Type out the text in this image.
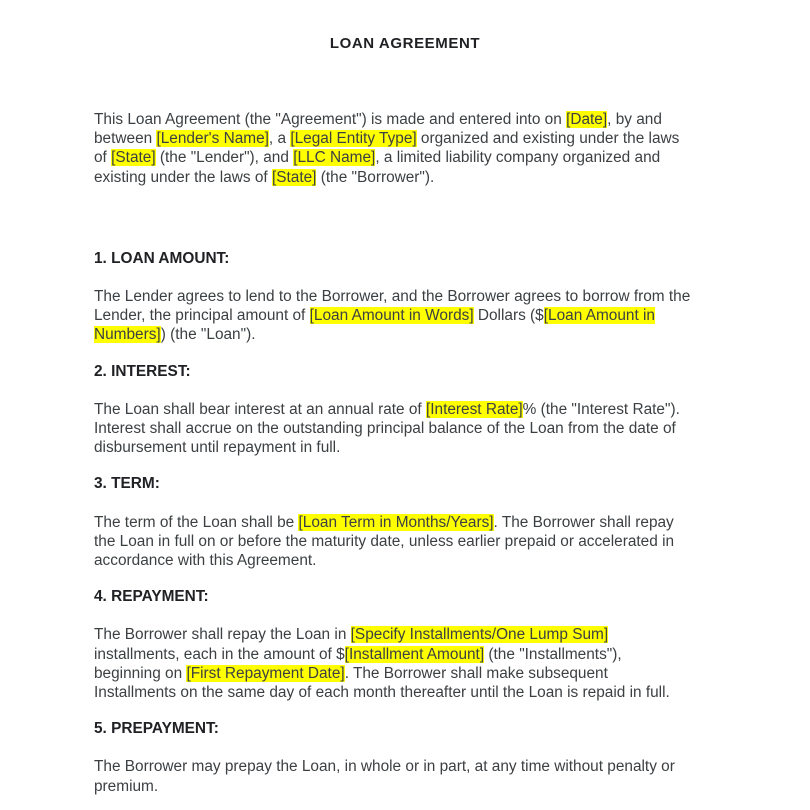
LOAN AGREEMENT

This Loan Agreement (the "Agreement") is made and entered into on [Date], by and between [Lender's Name], a [Legal Entity Type] organized and existing under the laws of [State] (the "Lender"), and [LLC Name], a limited liability company organized and existing under the laws of [State] (the "Borrower").

1. LOAN AMOUNT:

The Lender agrees to lend to the Borrower, and the Borrower agrees to borrow from the Lender, the principal amount of [Loan Amount in Words] Dollars ($[Loan Amount in Numbers]) (the "Loan").

2. INTEREST:

The Loan shall bear interest at an annual rate of [Interest Rate]% (the "Interest Rate"). Interest shall accrue on the outstanding principal balance of the Loan from the date of disbursement until repayment in full.

3. TERM:

The term of the Loan shall be [Loan Term in Months/Years]. The Borrower shall repay the Loan in full on or before the maturity date, unless earlier prepaid or accelerated in accordance with this Agreement.

4. REPAYMENT:

The Borrower shall repay the Loan in [Specify Installments/One Lump Sum] installments, each in the amount of $[Installment Amount] (the "Installments"), beginning on [First Repayment Date]. The Borrower shall make subsequent Installments on the same day of each month thereafter until the Loan is repaid in full.

5. PREPAYMENT:

The Borrower may prepay the Loan, in whole or in part, at any time without penalty or premium.
